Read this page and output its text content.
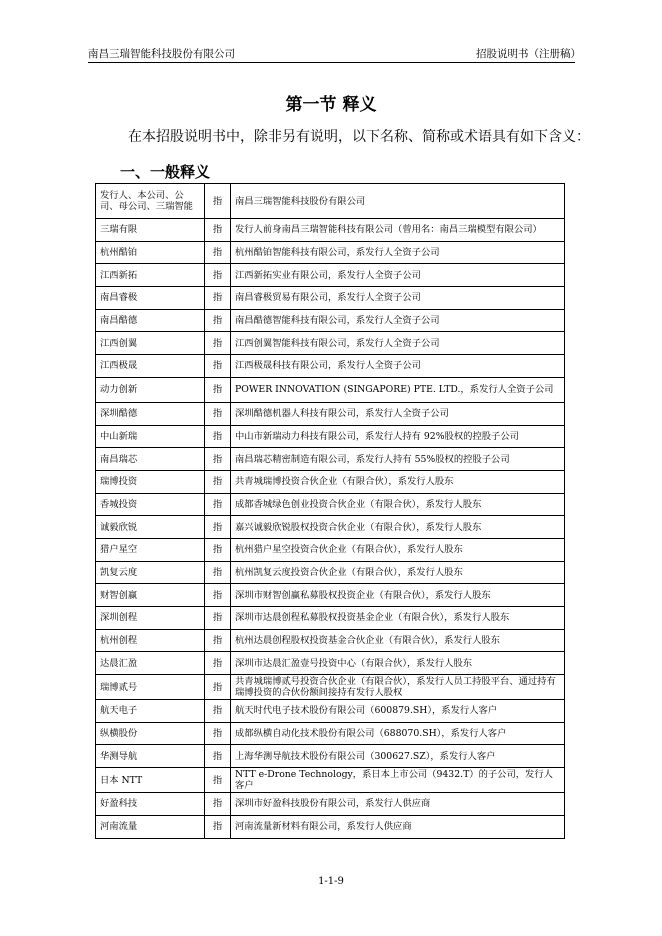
南昌三瑞智能科技股份有限公司	招股说明书（注册稿）
第一节 释义
在本招股说明书中，除非另有说明，以下名称、简称或术语具有如下含义：
一、一般释义
发行人、本公司、公司、母公司、三瑞智能	指	南昌三瑞智能科技股份有限公司
三瑞有限	指	发行人前身南昌三瑞智能科技有限公司（曾用名：南昌三瑞模型有限公司）
杭州酷铂	指	杭州酷铂智能科技有限公司，系发行人全资子公司
江西新拓	指	江西新拓实业有限公司，系发行人全资子公司
南昌睿极	指	南昌睿极贸易有限公司，系发行人全资子公司
南昌酷德	指	南昌酷德智能科技有限公司，系发行人全资子公司
江西创翼	指	江西创翼智能科技有限公司，系发行人全资子公司
江西极晟	指	江西极晟科技有限公司，系发行人全资子公司
动力创新	指	POWER INNOVATION (SINGAPORE) PTE. LTD.，系发行人全资子公司
深圳酷德	指	深圳酷德机器人科技有限公司，系发行人全资子公司
中山新瑞	指	中山市新瑞动力科技有限公司，系发行人持有 92%股权的控股子公司
南昌瑞芯	指	南昌瑞芯精密制造有限公司，系发行人持有 55%股权的控股子公司
瑞博投资	指	共青城瑞博投资合伙企业（有限合伙），系发行人股东
香城投资	指	成都香城绿色创业投资合伙企业（有限合伙），系发行人股东
诚毅欣锐	指	嘉兴诚毅欣锐股权投资合伙企业（有限合伙），系发行人股东
猎户星空	指	杭州猎户星空投资合伙企业（有限合伙），系发行人股东
凯复云度	指	杭州凯复云度投资合伙企业（有限合伙），系发行人股东
财智创赢	指	深圳市财智创赢私募股权投资企业（有限合伙），系发行人股东
深圳创程	指	深圳市达晨创程私募股权投资基金企业（有限合伙），系发行人股东
杭州创程	指	杭州达晨创程股权投资基金合伙企业（有限合伙），系发行人股东
达晨汇盈	指	深圳市达晨汇盈壹号投资中心（有限合伙），系发行人股东
瑞博贰号	指	共青城瑞博贰号投资合伙企业（有限合伙），系发行人员工持股平台、通过持有瑞博投资的合伙份额间接持有发行人股权
航天电子	指	航天时代电子技术股份有限公司（600879.SH），系发行人客户
纵横股份	指	成都纵横自动化技术股份有限公司（688070.SH），系发行人客户
华测导航	指	上海华测导航技术股份有限公司（300627.SZ），系发行人客户
日本 NTT	指	NTT e-Drone Technology，系日本上市公司（9432.T）的子公司，发行人客户
好盈科技	指	深圳市好盈科技股份有限公司，系发行人供应商
河南流量	指	河南流量新材料有限公司，系发行人供应商
1-1-9
